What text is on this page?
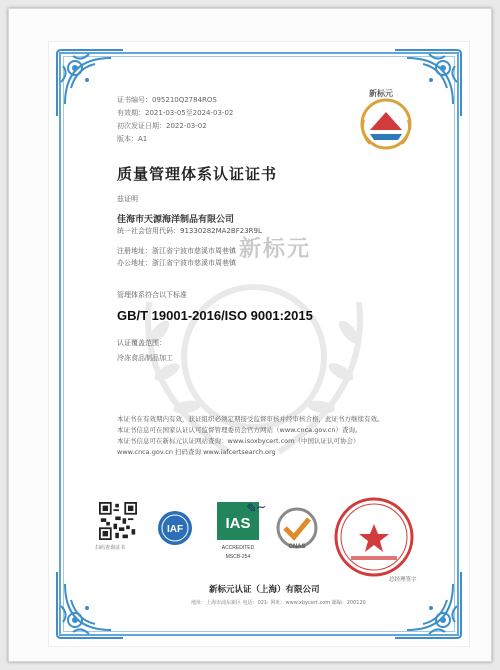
新标元
证书编号：095210Q2784ROS
有效期：2021-03-05至2024-03-02
初次发证日期：2022-03-02
版本：A1
新标元
质量管理体系认证证书
兹证明
佳海市天源海洋制品有限公司
统一社会信用代码：91330282MA2BF23R9L
注册地址：浙江省宁波市慈溪市周巷镇
办公地址：浙江省宁波市慈溪市周巷镇
管理体系符合以下标准
GB/T 19001-2016/ISO 9001:2015
认证覆盖范围：
冷冻食品制品加工
本证书在有效期内有效，获证组织必须定期接受监督审核并经审核合格，此证书方继续有效。
本证书信息可在国家认证认可监督管理委员会官方网站（www.cnca.gov.cn）查询。
本证书信息可在新标元认证网站查询：www.isoxbycert.com（中国认证认可协会）
www.cnca.gov.cn 扫码查询 www.iafcertsearch.org
扫码查询证书
IAF	IAS
ACCREDITED
MSCB-254
CNAS
✎~
总经理签字
新标元认证（上海）有限公司
地址：上海市浦东新区 电话：021- 网址：www.xbycert.com 邮编：200120
